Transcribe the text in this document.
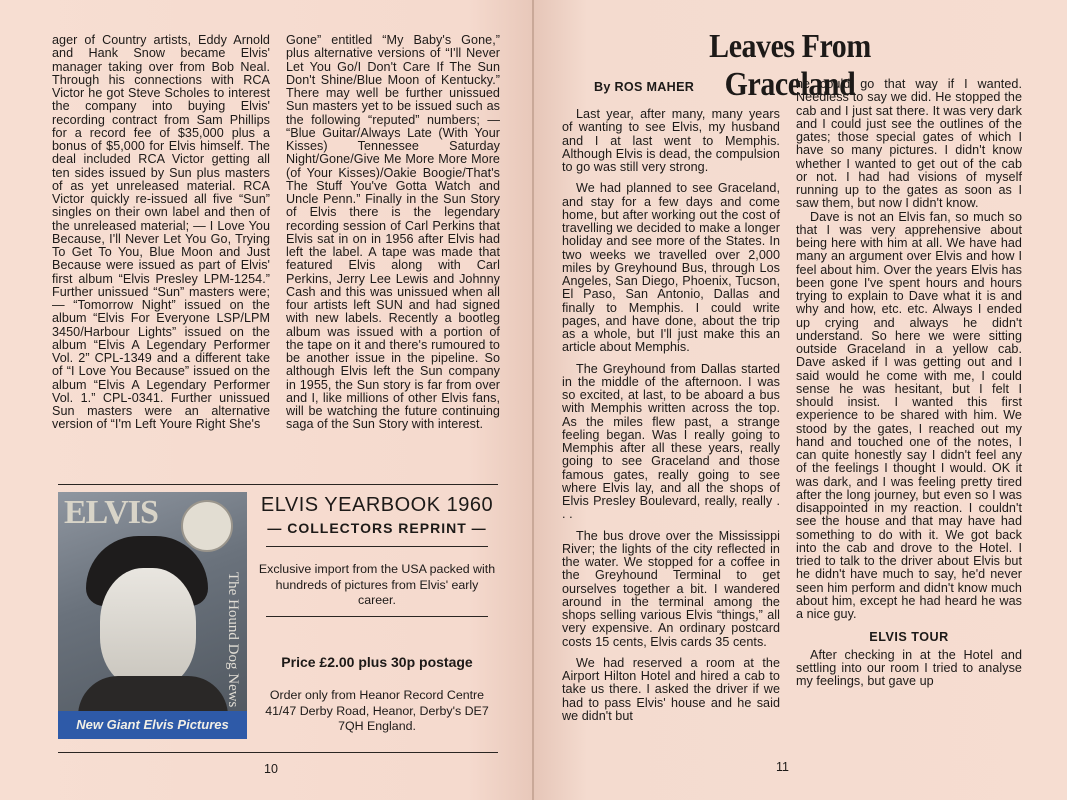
ager of Country artists, Eddy Arnold and Hank Snow became Elvis' manager taking over from Bob Neal. Through his connections with RCA Victor he got Steve Scholes to interest the company into buying Elvis' recording contract from Sam Phillips for a record fee of $35,000 plus a bonus of $5,000 for Elvis himself. The deal included RCA Victor getting all ten sides issued by Sun plus masters of as yet unreleased material. RCA Victor quickly re-issued all five “Sun” singles on their own label and then of the unreleased material; — I Love You Because, I'll Never Let You Go, Trying To Get To You, Blue Moon and Just Because were issued as part of Elvis' first album “Elvis Presley LPM-1254.” Further unissued “Sun” masters were; — “Tomorrow Night” issued on the album “Elvis For Everyone LSP/LPM 3450/Harbour Lights” issued on the album “Elvis A Legendary Performer Vol. 2” CPL-1349 and a different take of “I Love You Because” issued on the album “Elvis A Legendary Performer Vol. 1.” CPL-0341. Further unissued Sun masters were an alternative version of “I'm Left Youre Right She's

Gone” entitled “My Baby's Gone,” plus alternative versions of “I'll Never Let You Go/I Don't Care If The Sun Don't Shine/Blue Moon of Kentucky.” There may well be further unissued Sun masters yet to be issued such as the following “reputed” numbers; — “Blue Guitar/Always Late (With Your Kisses) Tennessee Saturday Night/Gone/Give Me More More More (of Your Kisses)/Oakie Boogie/That's The Stuff You've Gotta Watch and Uncle Penn.” Finally in the Sun Story of Elvis there is the legendary recording session of Carl Perkins that Elvis sat in on in 1956 after Elvis had left the label. A tape was made that featured Elvis along with Carl Perkins, Jerry Lee Lewis and Johnny Cash and this was unissued when all four artists left SUN and had signed with new labels. Recently a bootleg album was issued with a portion of the tape on it and there's rumoured to be another issue in the pipeline. So although Elvis left the Sun company in 1955, the Sun story is far from over and I, like millions of other Elvis fans, will be watching the future continuing saga of the Sun Story with interest.

ELVIS
The Hound Dog News
New Giant Elvis Pictures
ELVIS YEARBOOK 1960
— COLLECTORS REPRINT —
Exclusive import from the USA packed with hundreds of pictures from Elvis' early career.
Price £2.00 plus 30p postage
Order only from Heanor Record Centre 41/47 Derby Road, Heanor, Derby's DE7 7QH England.
10
Leaves From Graceland
By ROS MAHER

Last year, after many, many years of wanting to see Elvis, my husband and I at last went to Memphis. Although Elvis is dead, the compulsion to go was still very strong.

We had planned to see Graceland, and stay for a few days and come home, but after working out the cost of travelling we decided to make a longer holiday and see more of the States. In two weeks we travelled over 2,000 miles by Greyhound Bus, through Los Angeles, San Diego, Phoenix, Tucson, El Paso, San Antonio, Dallas and finally to Memphis. I could write pages, and have done, about the trip as a whole, but I'll just make this an article about Memphis.

The Greyhound from Dallas started in the middle of the afternoon. I was so excited, at last, to be aboard a bus with Memphis written across the top. As the miles flew past, a strange feeling began. Was I really going to Memphis after all these years, really going to see Graceland and those famous gates, really going to see where Elvis lay, and all the shops of Elvis Presley Boulevard, really, really . . .

The bus drove over the Mississippi River; the lights of the city reflected in the water. We stopped for a coffee in the Greyhound Terminal to get ourselves together a bit. I wandered around in the terminal among the shops selling various Elvis “things,” all very expensive. An ordinary postcard costs 15 cents, Elvis cards 35 cents.

We had reserved a room at the Airport Hilton Hotel and hired a cab to take us there. I asked the driver if we had to pass Elvis' house and he said we didn't but

he could go that way if I wanted. Needless to say we did. He stopped the cab and I just sat there. It was very dark and I could just see the outlines of the gates; those special gates of which I have so many pictures. I didn't know whether I wanted to get out of the cab or not. I had had visions of myself running up to the gates as soon as I saw them, but now I didn't know.

Dave is not an Elvis fan, so much so that I was very apprehensive about being here with him at all. We have had many an argument over Elvis and how I feel about him. Over the years Elvis has been gone I've spent hours and hours trying to explain to Dave what it is and why and how, etc. etc. Always I ended up crying and always he didn't understand. So here we were sitting outside Graceland in a yellow cab. Dave asked if I was getting out and I said would he come with me, I could sense he was hesitant, but I felt I should insist. I wanted this first experience to be shared with him. We stood by the gates, I reached out my hand and touched one of the notes, I can quite honestly say I didn't feel any of the feelings I thought I would. OK it was dark, and I was feeling pretty tired after the long journey, but even so I was disappointed in my reaction. I couldn't see the house and that may have had something to do with it. We got back into the cab and drove to the Hotel. I tried to talk to the driver about Elvis but he didn't have much to say, he'd never seen him perform and didn't know much about him, except he had heard he was a nice guy.

ELVIS TOUR

After checking in at the Hotel and settling into our room I tried to analyse my feelings, but gave up

11
